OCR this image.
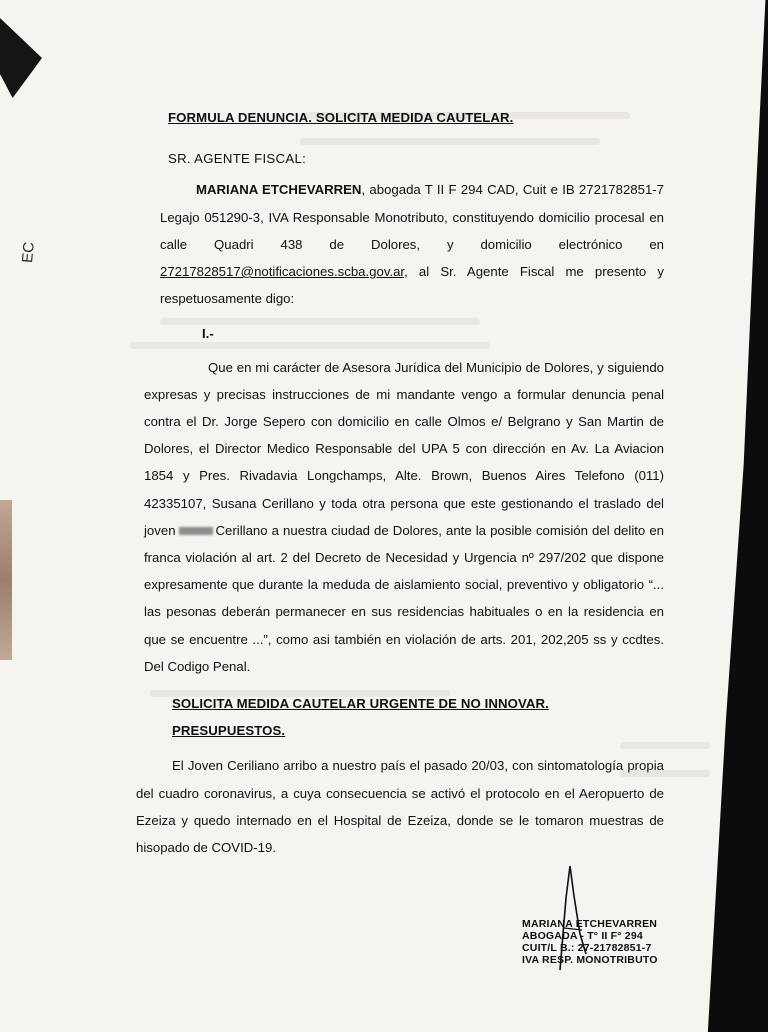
EC
FORMULA DENUNCIA. SOLICITA MEDIDA CAUTELAR.
SR. AGENTE FISCAL:

MARIANA ETCHEVARREN, abogada T II F 294 CAD, Cuit e IB 2721782851-7 Legajo 051290-3, IVA Responsable Monotributo, constituyendo domicilio procesal en calle Quadri 438 de Dolores, y domicilio electrónico en 27217828517@notificaciones.scba.gov.ar, al Sr. Agente Fiscal me presento y respetuosamente digo:

I.-

Que en mi carácter de Asesora Jurídica del Municipio de Dolores, y siguiendo expresas y precisas instrucciones de mi mandante vengo a formular denuncia penal contra el Dr. Jorge Sepero con domicilio en calle Olmos e/ Belgrano y San Martin de Dolores, el Director Medico Responsable del UPA 5 con dirección en Av. La Aviacion 1854 y Pres. Rivadavia Longchamps, Alte. Brown, Buenos Aires Telefono (011) 42335107, Susana Cerillano y toda otra persona que este gestionando el traslado del joven	Cerillano a nuestra ciudad de Dolores, ante la posible comisión del delito en franca violación al art. 2 del Decreto de Necesidad y Urgencia nº 297/202 que dispone expresamente que durante la meduda de aislamiento social, preventivo y obligatorio “... las pesonas deberán permanecer en sus residencias habituales o en la residencia en que se encuentre ...”, como asi también en violación de arts. 201, 202,205 ss y ccdtes. Del Codigo Penal.

SOLICITA MEDIDA CAUTELAR URGENTE DE NO INNOVAR. PRESUPUESTOS.

El Joven Ceriliano arribo a nuestro país el pasado 20/03, con sintomatología propia del cuadro coronavirus, a cuya consecuencia se activó el protocolo en el Aeropuerto de Ezeiza y quedo internado en el Hospital de Ezeiza, donde se le tomaron muestras de hisopado de COVID-19.

MARIANA ETCHEVARREN
ABOGADA - T° II F° 294
CUIT/L B.: 27-21782851-7
IVA RESP. MONOTRIBUTO
